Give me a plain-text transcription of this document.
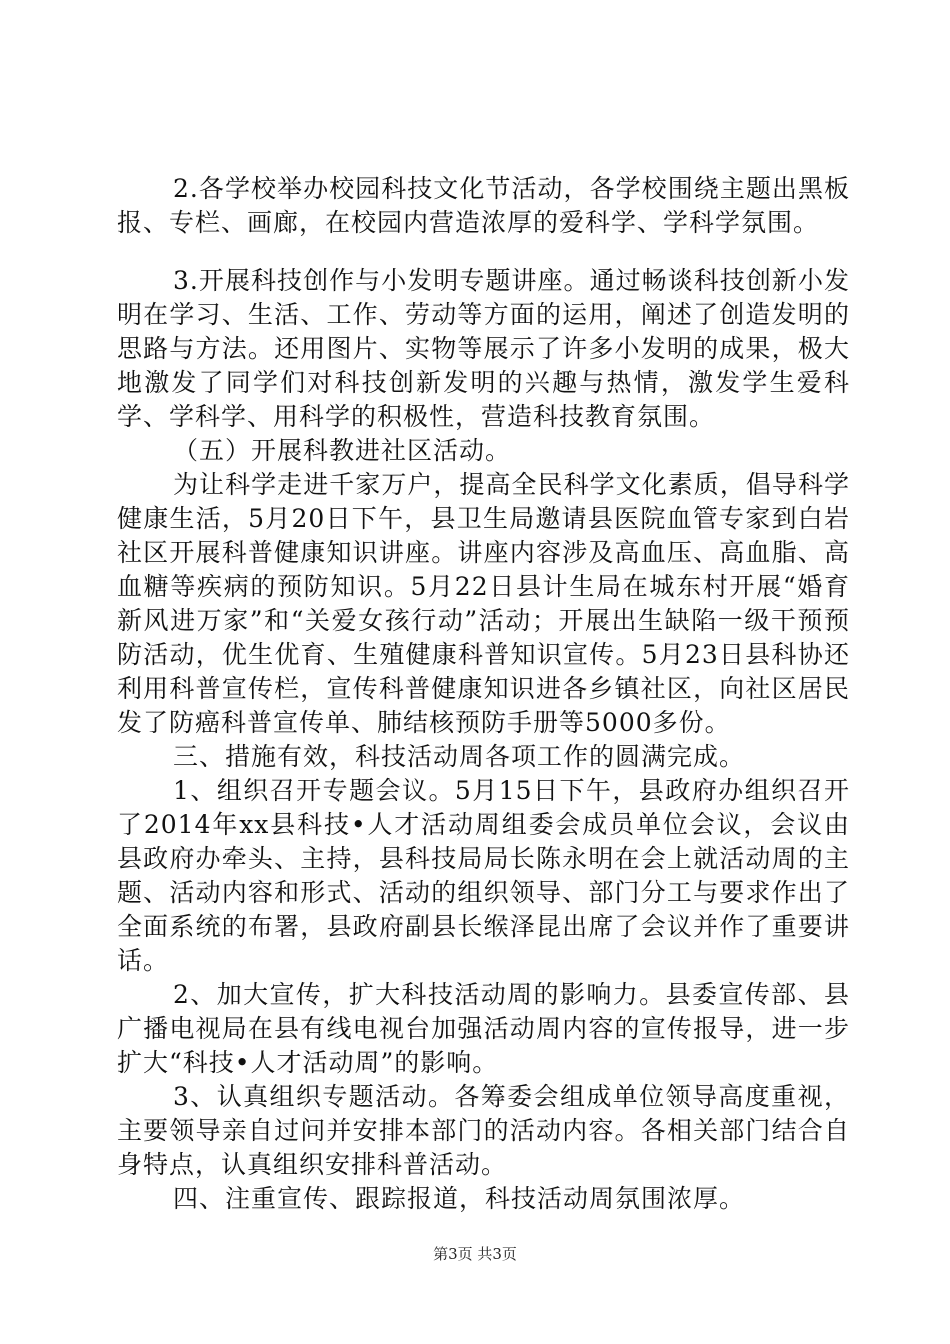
2.各学校举办校园科技文化节活动，各学校围绕主题出黑板报、专栏、画廊，在校园内营造浓厚的爱科学、学科学氛围。

3.开展科技创作与小发明专题讲座。通过畅谈科技创新小发明在学习、生活、工作、劳动等方面的运用，阐述了创造发明的思路与方法。还用图片、实物等展示了许多小发明的成果，极大地激发了同学们对科技创新发明的兴趣与热情，激发学生爱科学、学科学、用科学的积极性，营造科技教育氛围。

（五）开展科教进社区活动。

为让科学走进千家万户，提高全民科学文化素质，倡导科学健康生活，5月20日下午，县卫生局邀请县医院血管专家到白岩社区开展科普健康知识讲座。讲座内容涉及高血压、高血脂、高血糖等疾病的预防知识。5月22日县计生局在城东村开展“婚育新风进万家”和“关爱女孩行动”活动；开展出生缺陷一级干预预防活动，优生优育、生殖健康科普知识宣传。5月23日县科协还利用科普宣传栏，宣传科普健康知识进各乡镇社区，向社区居民发了防癌科普宣传单、肺结核预防手册等5000多份。

三、措施有效，科技活动周各项工作的圆满完成。

1、组织召开专题会议。5月15日下午，县政府办组织召开了2014年xx县科技•人才活动周组委会成员单位会议，会议由县政府办牵头、主持，县科技局局长陈永明在会上就活动周的主题、活动内容和形式、活动的组织领导、部门分工与要求作出了全面系统的布署，县政府副县长缑泽昆出席了会议并作了重要讲话。

2、加大宣传，扩大科技活动周的影响力。县委宣传部、县广播电视局在县有线电视台加强活动周内容的宣传报导，进一步扩大“科技•人才活动周”的影响。

3、认真组织专题活动。各筹委会组成单位领导高度重视，主要领导亲自过问并安排本部门的活动内容。各相关部门结合自身特点，认真组织安排科普活动。

四、注重宣传、跟踪报道，科技活动周氛围浓厚。

第3页 共3页
